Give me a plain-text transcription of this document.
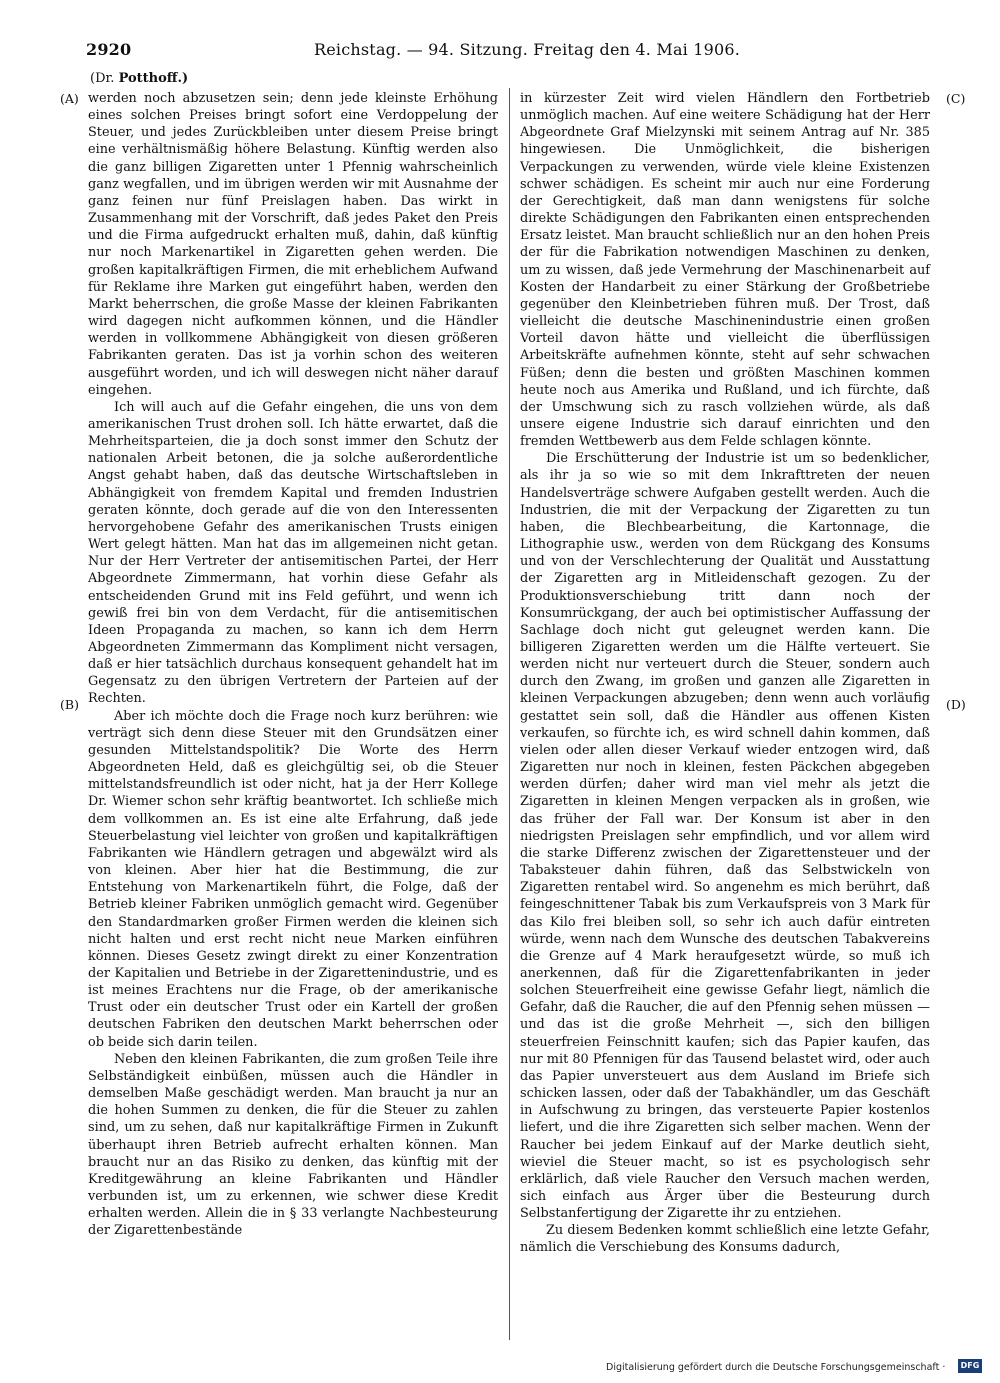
2920	Reichstag. — 94. Sitzung. Freitag den 4. Mai 1906.
(Dr. Potthoff.)
(A)
(B)
(C)
(D)

werden noch abzusetzen sein; denn jede kleinste Erhöhung eines solchen Preises bringt sofort eine Verdoppelung der Steuer, und jedes Zurückbleiben unter diesem Preise bringt eine verhältnismäßig höhere Belastung. Künftig werden also die ganz billigen Zigaretten unter 1 Pfennig wahrscheinlich ganz wegfallen, und im übrigen werden wir mit Ausnahme der ganz feinen nur fünf Preislagen haben. Das wirkt in Zusammenhang mit der Vorschrift, daß jedes Paket den Preis und die Firma aufgedruckt erhalten muß, dahin, daß künftig nur noch Markenartikel in Zigaretten gehen werden. Die großen kapitalkräftigen Firmen, die mit erheblichem Aufwand für Reklame ihre Marken gut eingeführt haben, werden den Markt beherrschen, die große Masse der kleinen Fabrikanten wird dagegen nicht aufkommen können, und die Händler werden in vollkommene Abhängigkeit von diesen größeren Fabrikanten geraten. Das ist ja vorhin schon des weiteren ausgeführt worden, und ich will deswegen nicht näher darauf eingehen.

Ich will auch auf die Gefahr eingehen, die uns von dem amerikanischen Trust drohen soll. Ich hätte erwartet, daß die Mehrheitsparteien, die ja doch sonst immer den Schutz der nationalen Arbeit betonen, die ja solche außerordentliche Angst gehabt haben, daß das deutsche Wirtschaftsleben in Abhängigkeit von fremdem Kapital und fremden Industrien geraten könnte, doch gerade auf die von den Interessenten hervorgehobene Gefahr des amerikanischen Trusts einigen Wert gelegt hätten. Man hat das im allgemeinen nicht getan. Nur der Herr Vertreter der antisemitischen Partei, der Herr Abgeordnete Zimmermann, hat vorhin diese Gefahr als entscheidenden Grund mit ins Feld geführt, und wenn ich gewiß frei bin von dem Verdacht, für die antisemitischen Ideen Propaganda zu machen, so kann ich dem Herrn Abgeordneten Zimmermann das Kompliment nicht versagen, daß er hier tatsächlich durchaus konsequent gehandelt hat im Gegensatz zu den übrigen Vertretern der Parteien auf der Rechten.

Aber ich möchte doch die Frage noch kurz berühren: wie verträgt sich denn diese Steuer mit den Grundsätzen einer gesunden Mittelstandspolitik? Die Worte des Herrn Abgeordneten Held, daß es gleichgültig sei, ob die Steuer mittelstandsfreundlich ist oder nicht, hat ja der Herr Kollege Dr. Wiemer schon sehr kräftig beantwortet. Ich schließe mich dem vollkommen an. Es ist eine alte Erfahrung, daß jede Steuerbelastung viel leichter von großen und kapitalkräftigen Fabrikanten wie Händlern getragen und abgewälzt wird als von kleinen. Aber hier hat die Bestimmung, die zur Entstehung von Markenartikeln führt, die Folge, daß der Betrieb kleiner Fabriken unmöglich gemacht wird. Gegenüber den Standardmarken großer Firmen werden die kleinen sich nicht halten und erst recht nicht neue Marken einführen können. Dieses Gesetz zwingt direkt zu einer Konzentration der Kapitalien und Betriebe in der Zigarettenindustrie, und es ist meines Erachtens nur die Frage, ob der amerikanische Trust oder ein deutscher Trust oder ein Kartell der großen deutschen Fabriken den deutschen Markt beherrschen oder ob beide sich darin teilen.

Neben den kleinen Fabrikanten, die zum großen Teile ihre Selbständigkeit einbüßen, müssen auch die Händler in demselben Maße geschädigt werden. Man braucht ja nur an die hohen Summen zu denken, die für die Steuer zu zahlen sind, um zu sehen, daß nur kapitalkräftige Firmen in Zukunft überhaupt ihren Betrieb aufrecht erhalten können. Man braucht nur an das Risiko zu denken, das künftig mit der Kreditgewährung an kleine Fabrikanten und Händler verbunden ist, um zu erkennen, wie schwer diese Kredit erhalten werden. Allein die in § 33 verlangte Nachbesteurung der Zigarettenbestände

in kürzester Zeit wird vielen Händlern den Fortbetrieb unmöglich machen. Auf eine weitere Schädigung hat der Herr Abgeordnete Graf Mielzynski mit seinem Antrag auf Nr. 385 hingewiesen. Die Unmöglichkeit, die bisherigen Verpackungen zu verwenden, würde viele kleine Existenzen schwer schädigen. Es scheint mir auch nur eine Forderung der Gerechtigkeit, daß man dann wenigstens für solche direkte Schädigungen den Fabrikanten einen entsprechenden Ersatz leistet. Man braucht schließlich nur an den hohen Preis der für die Fabrikation notwendigen Maschinen zu denken, um zu wissen, daß jede Vermehrung der Maschinenarbeit auf Kosten der Handarbeit zu einer Stärkung der Großbetriebe gegenüber den Kleinbetrieben führen muß. Der Trost, daß vielleicht die deutsche Maschinenindustrie einen großen Vorteil davon hätte und vielleicht die überflüssigen Arbeitskräfte aufnehmen könnte, steht auf sehr schwachen Füßen; denn die besten und größten Maschinen kommen heute noch aus Amerika und Rußland, und ich fürchte, daß der Umschwung sich zu rasch vollziehen würde, als daß unsere eigene Industrie sich darauf einrichten und den fremden Wettbewerb aus dem Felde schlagen könnte.

Die Erschütterung der Industrie ist um so bedenklicher, als ihr ja so wie so mit dem Inkrafttreten der neuen Handelsverträge schwere Aufgaben gestellt werden. Auch die Industrien, die mit der Verpackung der Zigaretten zu tun haben, die Blechbearbeitung, die Kartonnage, die Lithographie usw., werden von dem Rückgang des Konsums und von der Verschlechterung der Qualität und Ausstattung der Zigaretten arg in Mitleidenschaft gezogen. Zu der Produktionsverschiebung tritt dann noch der Konsumrückgang, der auch bei optimistischer Auffassung der Sachlage doch nicht gut geleugnet werden kann. Die billigeren Zigaretten werden um die Hälfte verteuert. Sie werden nicht nur verteuert durch die Steuer, sondern auch durch den Zwang, im großen und ganzen alle Zigaretten in kleinen Verpackungen abzugeben; denn wenn auch vorläufig gestattet sein soll, daß die Händler aus offenen Kisten verkaufen, so fürchte ich, es wird schnell dahin kommen, daß vielen oder allen dieser Verkauf wieder entzogen wird, daß Zigaretten nur noch in kleinen, festen Päckchen abgegeben werden dürfen; daher wird man viel mehr als jetzt die Zigaretten in kleinen Mengen verpacken als in großen, wie das früher der Fall war. Der Konsum ist aber in den niedrigsten Preislagen sehr empfindlich, und vor allem wird die starke Differenz zwischen der Zigarettensteuer und der Tabaksteuer dahin führen, daß das Selbstwickeln von Zigaretten rentabel wird. So angenehm es mich berührt, daß feingeschnittener Tabak bis zum Verkaufspreis von 3 Mark für das Kilo frei bleiben soll, so sehr ich auch dafür eintreten würde, wenn nach dem Wunsche des deutschen Tabakvereins die Grenze auf 4 Mark heraufgesetzt würde, so muß ich anerkennen, daß für die Zigarettenfabrikanten in jeder solchen Steuerfreiheit eine gewisse Gefahr liegt, nämlich die Gefahr, daß die Raucher, die auf den Pfennig sehen müssen — und das ist die große Mehrheit —, sich den billigen steuerfreien Feinschnitt kaufen; sich das Papier kaufen, das nur mit 80 Pfennigen für das Tausend belastet wird, oder auch das Papier unversteuert aus dem Ausland im Briefe sich schicken lassen, oder daß der Tabakhändler, um das Geschäft in Aufschwung zu bringen, das versteuerte Papier kostenlos liefert, und die ihre Zigaretten sich selber machen. Wenn der Raucher bei jedem Einkauf auf der Marke deutlich sieht, wieviel die Steuer macht, so ist es psychologisch sehr erklärlich, daß viele Raucher den Versuch machen werden, sich einfach aus Ärger über die Besteurung durch Selbstanfertigung der Zigarette ihr zu entziehen.

Zu diesem Bedenken kommt schließlich eine letzte Gefahr, nämlich die Verschiebung des Konsums dadurch,

Digitalisierung gefördert durch die Deutsche Forschungsgemeinschaft ·	DFG
